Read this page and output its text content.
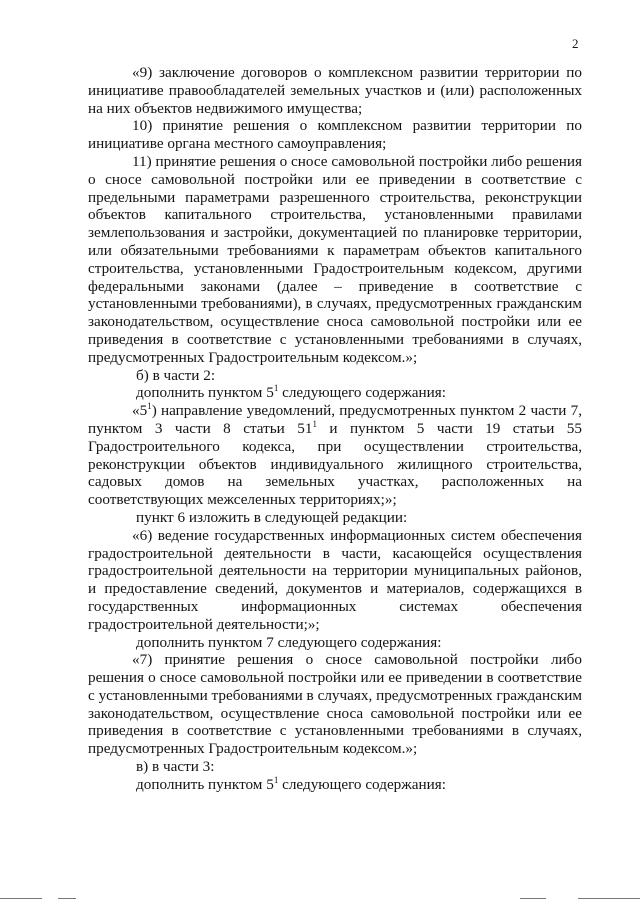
2

«9) заключение договоров о комплексном развитии территории по инициативе правообладателей земельных участков и (или) расположенных на них объектов недвижимого имущества;

10) принятие решения о комплексном развитии территории по инициативе органа местного самоуправления;

11) принятие решения о сносе самовольной постройки либо решения о сносе самовольной постройки или ее приведении в соответствие с предельными параметрами разрешенного строительства, реконструкции объектов капитального строительства, установленными правилами землепользования и застройки, документацией по планировке территории, или обязательными требованиями к параметрам объектов капитального строительства, установленными Градостроительным кодексом, другими федеральными законами (далее – приведение в соответствие с установленными требованиями), в случаях, предусмотренных гражданским законодательством, осуществление сноса самовольной постройки или ее приведения в соответствие с установленными требованиями в случаях, предусмотренных Градостроительным кодексом.»;

б) в части 2:

дополнить пунктом $5^1$ следующего содержания:

«$5^1$) направление уведомлений, предусмотренных пунктом 2 части 7, пунктом 3 части 8 статьи $51^1$ и пунктом 5 части 19 статьи 55 Градостроительного кодекса, при осуществлении строительства, реконструкции объектов индивидуального жилищного строительства, садовых домов на земельных участках, расположенных на соответствующих межселенных территориях;»;

пункт 6 изложить в следующей редакции:

«6) ведение государственных информационных систем обеспечения градостроительной деятельности в части, касающейся осуществления градостроительной деятельности на территории муниципальных районов, и предоставление сведений, документов и материалов, содержащихся в государственных информационных системах обеспечения градостроительной деятельности;»;

дополнить пунктом 7 следующего содержания:

«7) принятие решения о сносе самовольной постройки либо решения о сносе самовольной постройки или ее приведении в соответствие с установленными требованиями в случаях, предусмотренных гражданским законодательством, осуществление сноса самовольной постройки или ее приведения в соответствие с установленными требованиями в случаях, предусмотренных Градостроительным кодексом.»;

в) в части 3:

дополнить пунктом $5^1$ следующего содержания:
